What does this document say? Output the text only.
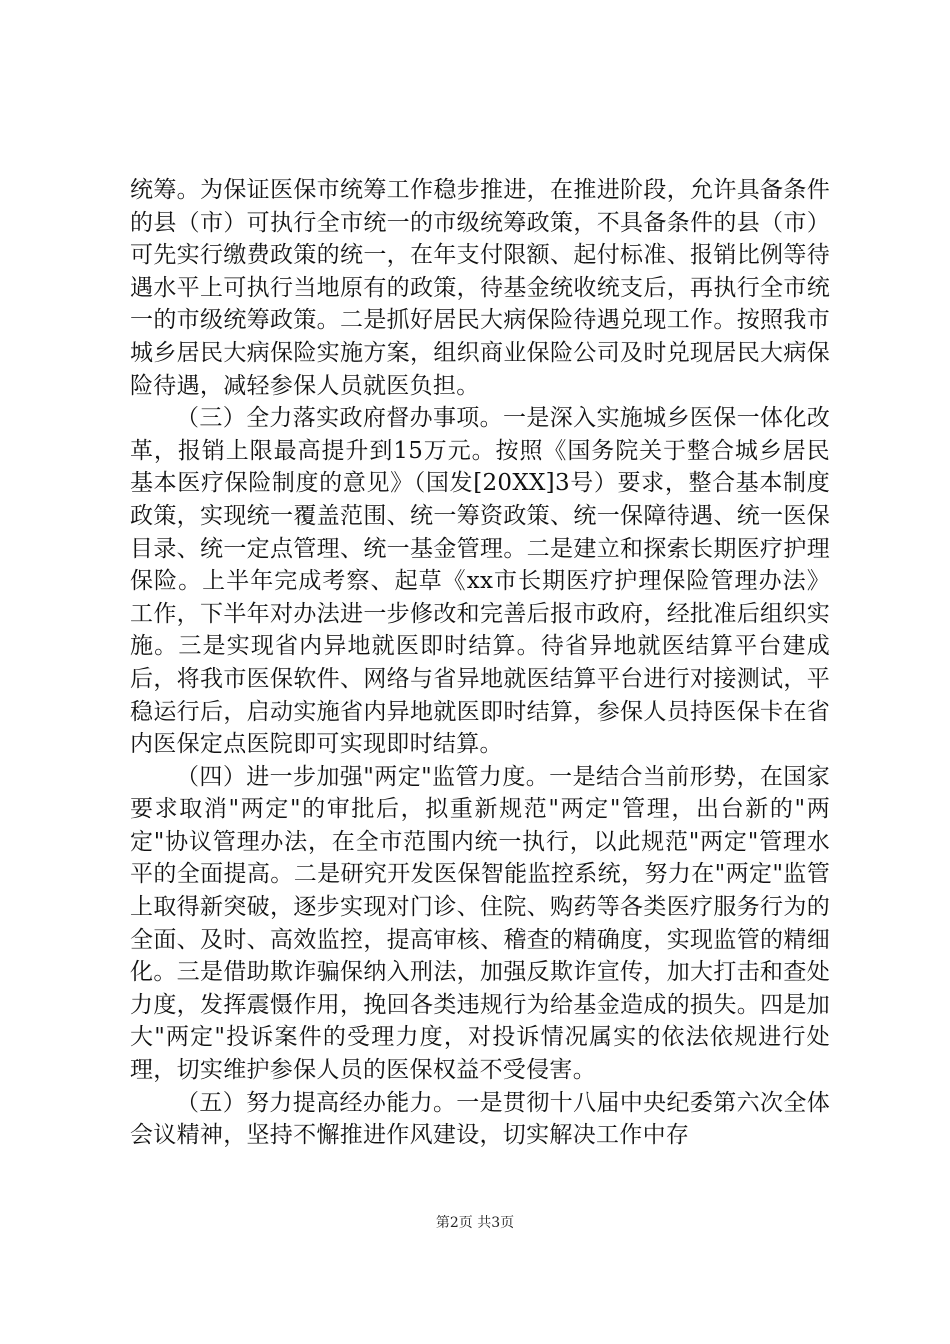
统筹。为保证医保市统筹工作稳步推进，在推进阶段，允许具备条件的县（市）可执行全市统一的市级统筹政策，不具备条件的县（市）可先实行缴费政策的统一，在年支付限额、起付标准、报销比例等待遇水平上可执行当地原有的政策，待基金统收统支后，再执行全市统一的市级统筹政策。二是抓好居民大病保险待遇兑现工作。按照我市城乡居民大病保险实施方案，组织商业保险公司及时兑现居民大病保险待遇，减轻参保人员就医负担。

（三）全力落实政府督办事项。一是深入实施城乡医保一体化改革，报销上限最高提升到15万元。按照《国务院关于整合城乡居民基本医疗保险制度的意见》（国发[20XX]3号）要求，整合基本制度政策，实现统一覆盖范围、统一筹资政策、统一保障待遇、统一医保目录、统一定点管理、统一基金管理。二是建立和探索长期医疗护理保险。上半年完成考察、起草《xx市长期医疗护理保险管理办法》工作，下半年对办法进一步修改和完善后报市政府，经批准后组织实施。三是实现省内异地就医即时结算。待省异地就医结算平台建成后，将我市医保软件、网络与省异地就医结算平台进行对接测试，平稳运行后，启动实施省内异地就医即时结算，参保人员持医保卡在省内医保定点医院即可实现即时结算。

（四）进一步加强"两定"监管力度。一是结合当前形势，在国家要求取消"两定"的审批后，拟重新规范"两定"管理，出台新的"两定"协议管理办法，在全市范围内统一执行，以此规范"两定"管理水平的全面提高。二是研究开发医保智能监控系统，努力在"两定"监管上取得新突破，逐步实现对门诊、住院、购药等各类医疗服务行为的全面、及时、高效监控，提高审核、稽查的精确度，实现监管的精细化。三是借助欺诈骗保纳入刑法，加强反欺诈宣传，加大打击和查处力度，发挥震慑作用，挽回各类违规行为给基金造成的损失。四是加大"两定"投诉案件的受理力度，对投诉情况属实的依法依规进行处理，切实维护参保人员的医保权益不受侵害。

（五）努力提高经办能力。一是贯彻十八届中央纪委第六次全体会议精神，坚持不懈推进作风建设，切实解决工作中存

第2页 共3页
